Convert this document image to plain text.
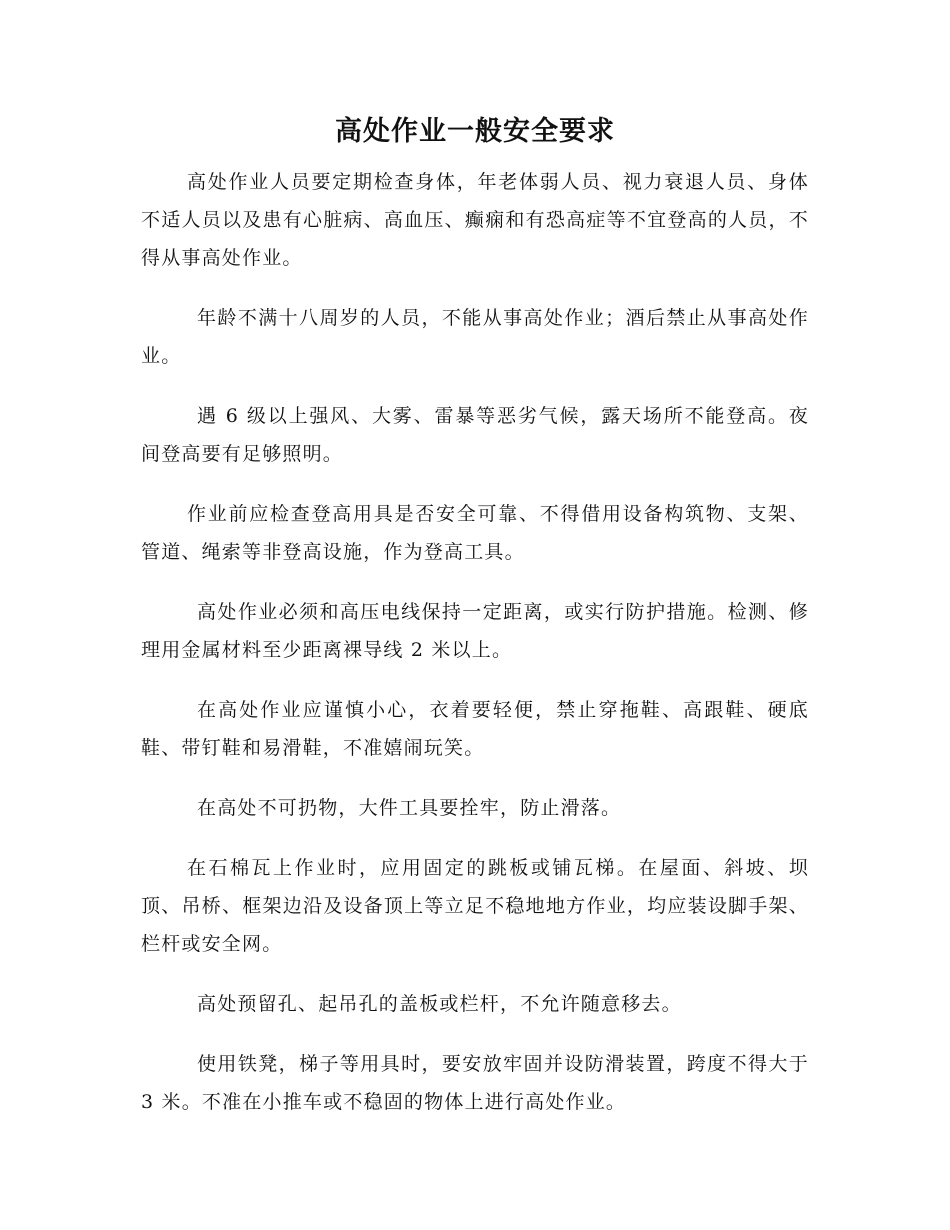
高处作业一般安全要求

高处作业人员要定期检查身体，年老体弱人员、视力衰退人员、身体不适人员以及患有心脏病、高血压、癫痫和有恐高症等不宜登高的人员，不得从事高处作业。

年龄不满十八周岁的人员，不能从事高处作业；酒后禁止从事高处作业。

遇 6 级以上强风、大雾、雷暴等恶劣气候，露天场所不能登高。夜间登高要有足够照明。

作业前应检查登高用具是否安全可靠、不得借用设备构筑物、支架、管道、绳索等非登高设施，作为登高工具。

高处作业必须和高压电线保持一定距离，或实行防护措施。检测、修理用金属材料至少距离裸导线 2 米以上。

在高处作业应谨慎小心，衣着要轻便，禁止穿拖鞋、高跟鞋、硬底鞋、带钉鞋和易滑鞋，不准嬉闹玩笑。

在高处不可扔物，大件工具要拴牢，防止滑落。

在石棉瓦上作业时，应用固定的跳板或铺瓦梯。在屋面、斜坡、坝顶、吊桥、框架边沿及设备顶上等立足不稳地地方作业，均应装设脚手架、栏杆或安全网。

高处预留孔、起吊孔的盖板或栏杆，不允许随意移去。

使用铁凳，梯子等用具时，要安放牢固并设防滑装置，跨度不得大于 3 米。不准在小推车或不稳固的物体上进行高处作业。
